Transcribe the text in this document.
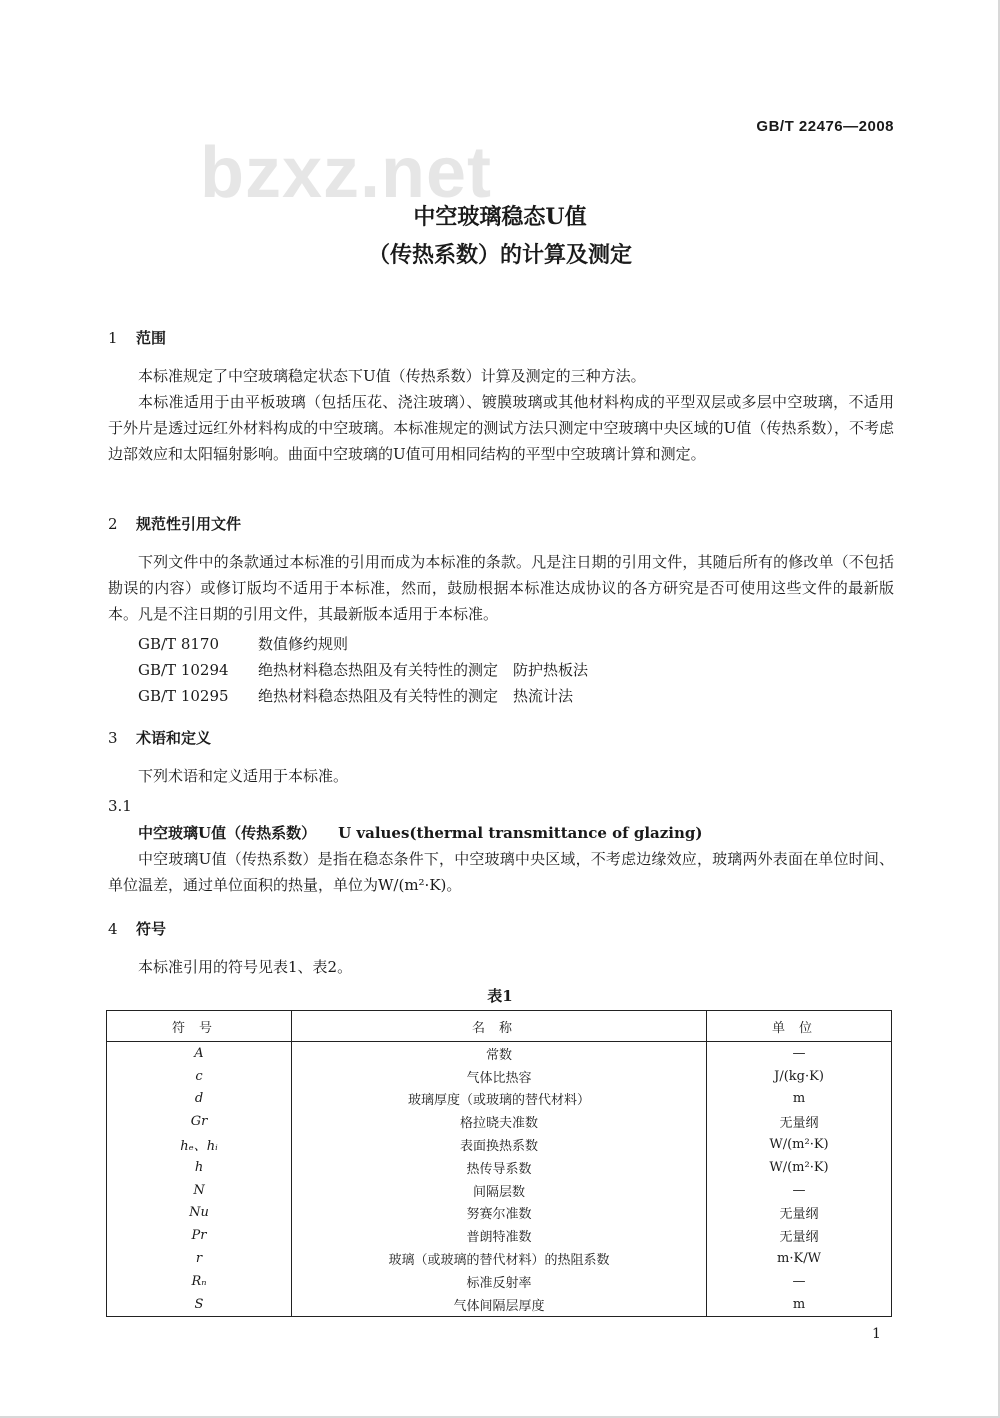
bzxz.net
GB/T 22476—2008
中空玻璃稳态U值
（传热系数）的计算及测定
1 范围
本标准规定了中空玻璃稳定状态下U值（传热系数）计算及测定的三种方法。
本标准适用于由平板玻璃（包括压花、浇注玻璃）、镀膜玻璃或其他材料构成的平型双层或多层中空玻璃，不适用于外片是透过远红外材料构成的中空玻璃。本标准规定的测试方法只测定中空玻璃中央区域的U值（传热系数），不考虑边部效应和太阳辐射影响。曲面中空玻璃的U值可用相同结构的平型中空玻璃计算和测定。
2 规范性引用文件
下列文件中的条款通过本标准的引用而成为本标准的条款。凡是注日期的引用文件，其随后所有的修改单（不包括勘误的内容）或修订版均不适用于本标准，然而，鼓励根据本标准达成协议的各方研究是否可使用这些文件的最新版本。凡是不注日期的引用文件，其最新版本适用于本标准。
GB/T 8170	数值修约规则
GB/T 10294 绝热材料稳态热阻及有关特性的测定　防护热板法
GB/T 10295 绝热材料稳态热阻及有关特性的测定　热流计法
3 术语和定义
下列术语和定义适用于本标准。
3.1
中空玻璃U值（传热系数） U values(thermal transmittance of glazing)
中空玻璃U值（传热系数）是指在稳态条件下，中空玻璃中央区域，不考虑边缘效应，玻璃两外表面在单位时间、单位温差，通过单位面积的热量，单位为W/(m²·K)。
4 符号
本标准引用的符号见表1、表2。
表1
符号	名称	单位
A	常数	—
c	气体比热容	J/(kg·K)
d	玻璃厚度（或玻璃的替代材料）	m
Gr	格拉晓夫准数	无量纲
hₑ、hᵢ	表面换热系数	W/(m²·K)
h	热传导系数	W/(m²·K)
N	间隔层数	—
Nu	努赛尔准数	无量纲
Pr	普朗特准数	无量纲
r	玻璃（或玻璃的替代材料）的热阻系数	m·K/W
Rₙ	标准反射率	—
S	气体间隔层厚度	m
1
